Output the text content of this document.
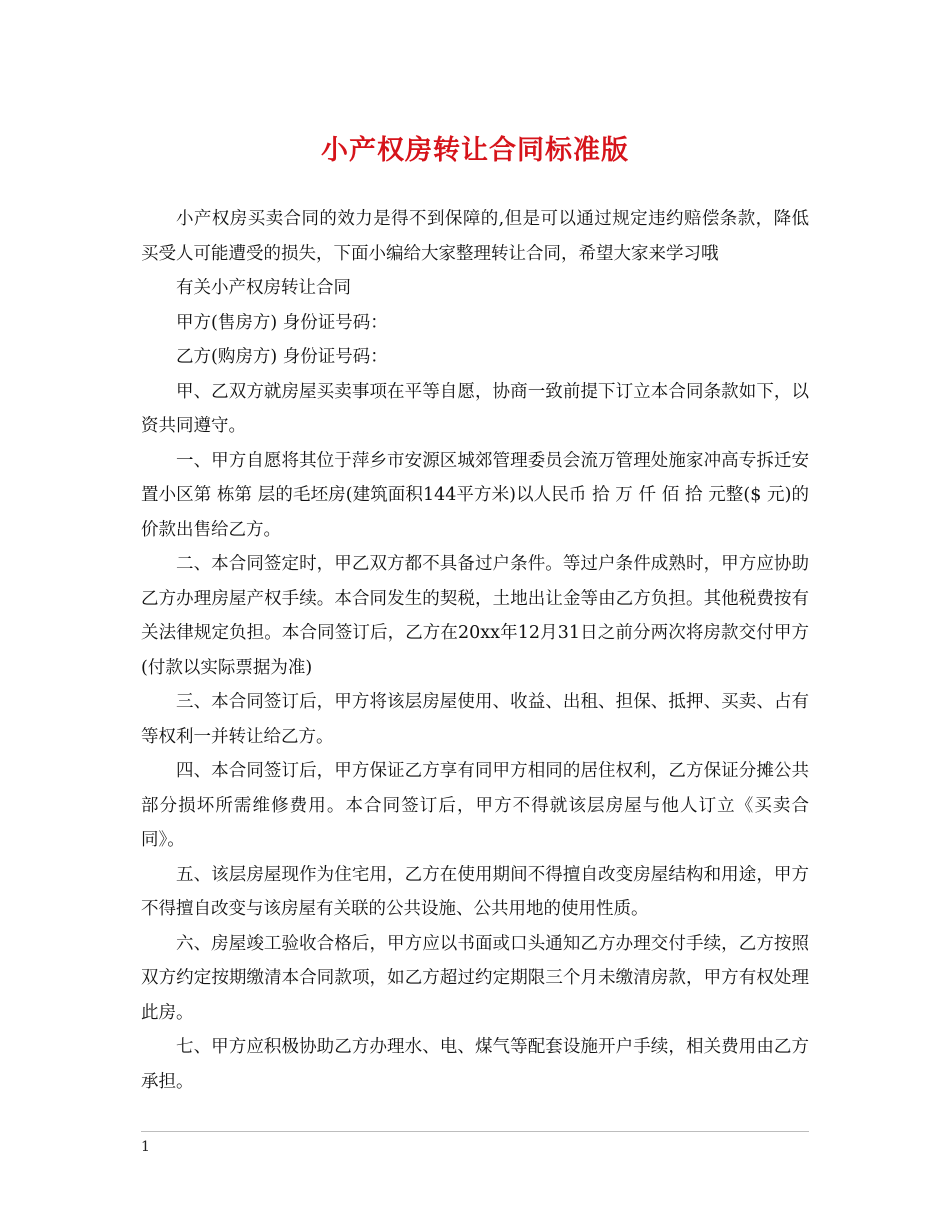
小产权房转让合同标准版

小产权房买卖合同的效力是得不到保障的,但是可以通过规定违约赔偿条款，降低买受人可能遭受的损失，下面小编给大家整理转让合同，希望大家来学习哦

有关小产权房转让合同

甲方(售房方) 身份证号码：

乙方(购房方) 身份证号码：

甲、乙双方就房屋买卖事项在平等自愿，协商一致前提下订立本合同条款如下，以资共同遵守。

一、甲方自愿将其位于萍乡市安源区城郊管理委员会流万管理处施家冲高专拆迁安置小区第 栋第 层的毛坯房(建筑面积144平方米)以人民币 拾 万 仟 佰 拾 元整($ 元)的价款出售给乙方。

二、本合同签定时，甲乙双方都不具备过户条件。等过户条件成熟时，甲方应协助乙方办理房屋产权手续。本合同发生的契税，土地出让金等由乙方负担。其他税费按有关法律规定负担。本合同签订后，乙方在20xx年12月31日之前分两次将房款交付甲方(付款以实际票据为准)

三、本合同签订后，甲方将该层房屋使用、收益、出租、担保、抵押、买卖、占有等权利一并转让给乙方。

四、本合同签订后，甲方保证乙方享有同甲方相同的居住权利，乙方保证分摊公共部分损坏所需维修费用。本合同签订后，甲方不得就该层房屋与他人订立《买卖合同》。

五、该层房屋现作为住宅用，乙方在使用期间不得擅自改变房屋结构和用途，甲方不得擅自改变与该房屋有关联的公共设施、公共用地的使用性质。

六、房屋竣工验收合格后，甲方应以书面或口头通知乙方办理交付手续，乙方按照双方约定按期缴清本合同款项，如乙方超过约定期限三个月未缴清房款，甲方有权处理此房。

七、甲方应积极协助乙方办理水、电、煤气等配套设施开户手续，相关费用由乙方承担。

1
